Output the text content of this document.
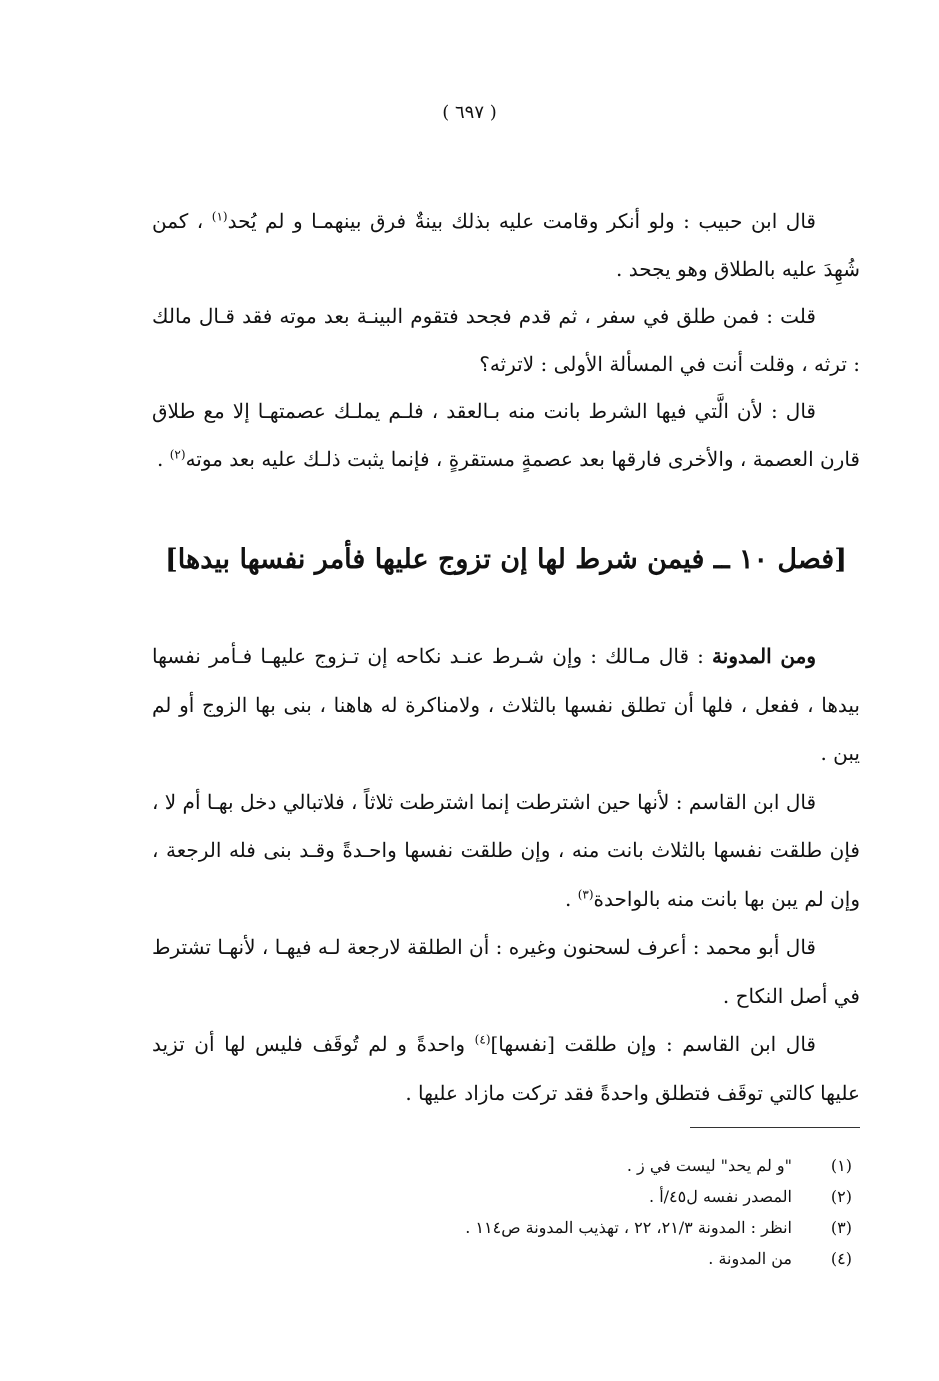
( ٦٩٧ )

قال ابن حبيب : ولو أنكر وقامت عليه بذلك بينةٌ فرق بينهمـا و لم يُحد$^{(١)}$ ، كمن شُهِدَ عليه بالطلاق وهو يجحد .

قلت : فمن طلق في سفر ، ثم قدم فجحد فتقوم البينـة بعد موته فقد قـال مالك : ترثه ، وقلت أنت في المسألة الأولى : لاترثه؟

قال : لأن الَّتي فيها الشرط بانت منه بـالعقد ، فلـم يملـك عصمتهـا إلا مع طلاق قارن العصمة ، والأخرى فارقها بعد عصمةٍ مستقرةٍ ، فإنما يثبت ذلـك عليه بعد موته$^{(٢)}$ .

[فصل ١٠ ــ فيمن شرط لها إن تزوج عليها فأمر نفسها بيدها]

ومن المدونة : قال مـالك : وإن شـرط عنـد نكاحه إن تـزوج عليهـا فـأمر نفسها بيدها ، ففعل ، فلها أن تطلق نفسها بالثلاث ، ولامناكرة له هاهنا ، بنى بها الزوج أو لم يبن .

قال ابن القاسم : لأنها حين اشترطت إنما اشترطت ثلاثاً ، فلاتبالي دخل بهـا أم لا ، فإن طلقت نفسها بالثلاث بانت منه ، وإن طلقت نفسها واحـدةً وقـد بنى فله الرجعة ، وإن لم يبن بها بانت منه بالواحدة$^{(٣)}$ .

قال أبو محمد : أعرف لسحنون وغيره : أن الطلقة لارجعة لـه فيهـا ، لأنهـا تشترط في أصل النكاح .

قال ابن القاسم : وإن طلقت [نفسها]$^{(٤)}$ واحدةً و لم تُوقَف فليس لها أن تزيد عليها كالتي توقَف فتطلق واحدةً فقد تركت مازاد عليها .

(١)
"و لم يحد" ليست في ز .
(٢)
المصدر نفسه ل٤٥/أ .
(٣)
انظر : المدونة ٢١/٣، ٢٢ ، تهذيب المدونة ص١١٤ .
(٤)
من المدونة .
